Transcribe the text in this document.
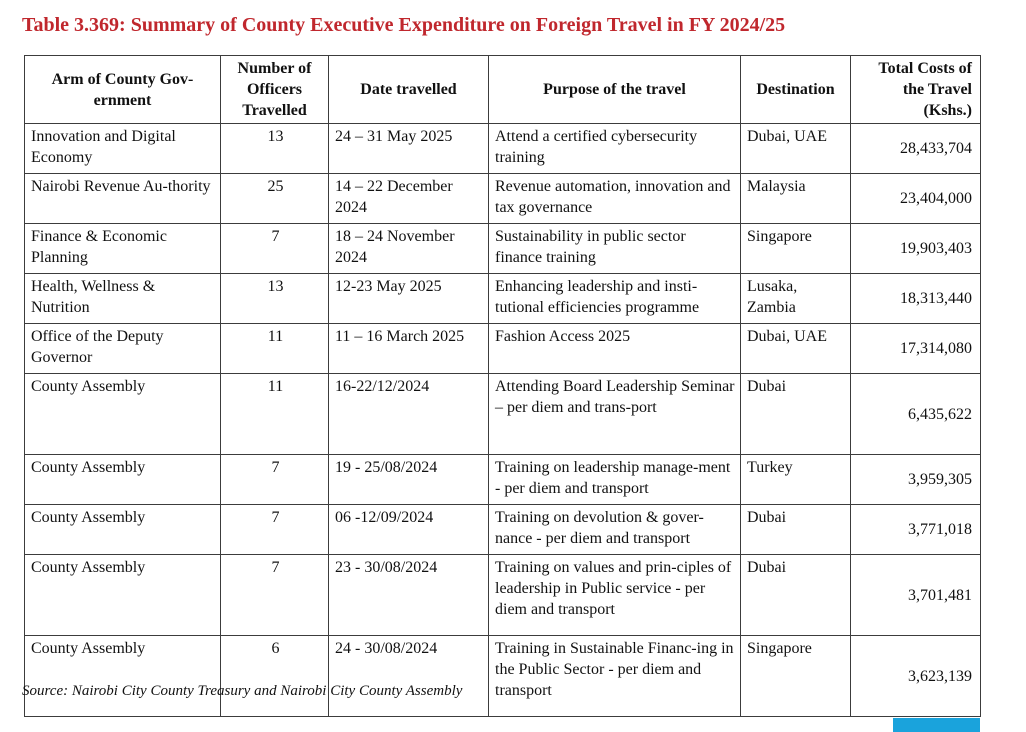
Table 3.369: Summary of County Executive Expenditure on Foreign Travel in FY 2024/25
Arm of County Gov-ernment	Number of Officers Travelled	Date travelled	Purpose of the travel	Destination	Total Costs of the Travel (Kshs.)
Innovation and Digital Economy	13	24 – 31 May 2025	Attend a certified cybersecurity training	Dubai, UAE	28,433,704
Nairobi Revenue Au-thority	25	14 – 22 December 2024	Revenue automation, innovation and tax governance	Malaysia	23,404,000
Finance & Economic Planning	7	18 – 24 November 2024	Sustainability in public sector finance training	Singapore	19,903,403
Health, Wellness & Nutrition	13	12-23 May 2025	Enhancing leadership and insti-tutional efficiencies programme	Lusaka, Zambia	18,313,440
Office of the Deputy Governor	11	11 – 16 March 2025	Fashion Access 2025	Dubai, UAE	17,314,080
County Assembly	11	16-22/12/2024	Attending Board Leadership Seminar – per diem and trans-port	Dubai	6,435,622
County Assembly	7	19 - 25/08/2024	Training on leadership manage-ment - per diem and transport	Turkey	3,959,305
County Assembly	7	06 -12/09/2024	Training on devolution & gover-nance - per diem and transport	Dubai	3,771,018
County Assembly	7	23 - 30/08/2024	Training on values and prin-ciples of leadership in Public service - per diem and transport	Dubai	3,701,481
County Assembly	6	24 - 30/08/2024	Training in Sustainable Financ-ing in the Public Sector - per diem and transport	Singapore	3,623,139
Source: Nairobi City County Treasury and Nairobi City County Assembly
